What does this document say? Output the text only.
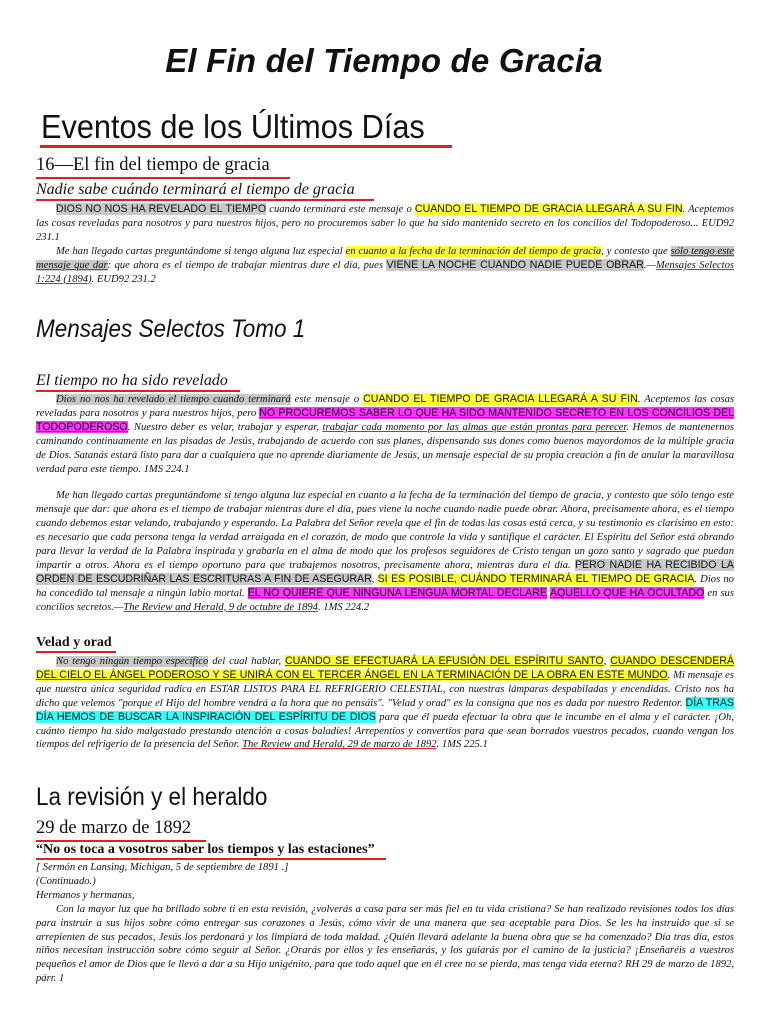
El Fin del Tiempo de Gracia
Eventos de los Últimos Días
16—El fin del tiempo de gracia
Nadie sabe cuándo terminará el tiempo de gracia

DIOS NO NOS HA REVELADO EL TIEMPO cuando terminará este mensaje o CUANDO EL TIEMPO DE GRACIA LLEGARÁ A SU FIN. Aceptemos las cosas reveladas para nosotros y para nuestros hijos, pero no procuremos saber lo que ha sido mantenido secreto en los concilios del Todopoderoso... EUD92 231.1

Me han llegado cartas preguntándome si tengo alguna luz especial en cuanto a la fecha de la terminación del tiempo de gracia, y contesto que sólo tengo este mensaje que dar: que ahora es el tiempo de trabajar mientras dure el día, pues VIENE LA NOCHE CUANDO NADIE PUEDE OBRAR.—Mensajes Selectos 1:224 (1894). EUD92 231.2

Mensajes Selectos Tomo 1
El tiempo no ha sido revelado

Dios no nos ha revelado el tiempo cuando terminará este mensaje o CUANDO EL TIEMPO DE GRACIA LLEGARÁ A SU FIN. Aceptemos las cosas reveladas para nosotros y para nuestros hijos, pero NO PROCUREMOS SABER LO QUE HA SIDO MANTENIDO SECRETO EN LOS CONCILIOS DEL TODOPODEROSO. Nuestro deber es velar, trabajar y esperar, trabajar cada momento por las almas que están prontas para perecer. Hemos de mantenernos caminando continuamente en las pisadas de Jesús, trabajando de acuerdo con sus planes, dispensando sus dones como buenos mayordomos de la múltiple gracia de Dios. Satanás estará listo para dar a cualquiera que no aprende diariamente de Jesús, un mensaje especial de su propia creación a fin de anular la maravillosa verdad para este tiempo. 1MS 224.1

Me han llegado cartas preguntándome si tengo alguna luz especial en cuanto a la fecha de la terminación del tiempo de gracia, y contesto que sólo tengo este mensaje que dar: que ahora es el tiempo de trabajar mientras dure el día, pues viene la noche cuando nadie puede obrar. Ahora, precisamente ahora, es el tiempo cuando debemos estar velando, trabajando y esperando. La Palabra del Señor revela que el fin de todas las cosas está cerca, y su testimonio es clarísimo en esto: es necesario que cada persona tenga la verdad arraigada en el corazón, de modo que controle la vida y santifique el carácter. El Espíritu del Señor está obrando para llevar la verdad de la Palabra inspirada y grabarla en el alma de modo que los profesos seguidores de Cristo tengan un gozo santo y sagrado que puedan impartir a otros. Ahora es el tiempo oportuno para que trabajemos nosotros, precisamente ahora, mientras dura el día. PERO NADIE HA RECIBIDO LA ORDEN DE ESCUDRIÑAR LAS ESCRITURAS A FIN DE ASEGURAR, SI ES POSIBLE, CUÁNDO TERMINARÁ EL TIEMPO DE GRACIA. Dios no ha concedido tal mensaje a ningún labio mortal. EL NO QUIERE QUE NINGUNA LENGUA MORTAL DECLARE AQUELLO QUE HA OCULTADO en sus concilios secretos.—The Review and Herald, 9 de octubre de 1894. 1MS 224.2

Velad y orad

No tengo ningún tiempo específico del cual hablar, CUANDO SE EFECTUARÁ LA EFUSIÓN DEL ESPÍRITU SANTO, CUANDO DESCENDERÁ DEL CIELO EL ÁNGEL PODEROSO Y SE UNIRÁ CON EL TERCER ÁNGEL EN LA TERMINACIÓN DE LA OBRA EN ESTE MUNDO. Mi mensaje es que nuestra única seguridad radica en ESTAR LISTOS PARA EL REFRIGERIO CELESTIAL, con nuestras lámparas despabiladas y encendidas. Cristo nos ha dicho que velemos "porque el Hijo del hombre vendrá a la hora que no pensáis". "Velad y orad" es la consigna que nos es dada por nuestro Redentor. DÍA TRAS DÍA HEMOS DE BUSCAR LA INSPIRACIÓN DEL ESPÍRITU DE DIOS para que él pueda efectuar la obra que le incumbe en el alma y el carácter. ¡Oh, cuánto tiempo ha sido malgastado prestando atención a cosas baladíes! Arrepentíos y convertíos para que sean borrados vuestros pecados, cuando vengan los tiempos del refrigerio de la presencia del Señor. The Review and Herald, 29 de marzo de 1892. 1MS 225.1

La revisión y el heraldo
29 de marzo de 1892
“No os toca a vosotros saber los tiempos y las estaciones”

[ Sermón en Lansing, Michigan, 5 de septiembre de 1891 .]

(Continuado.)

Hermanos y hermanas,

Con la mayor luz que ha brillado sobre ti en esta revisión, ¿volverás a casa para ser más fiel en tu vida cristiana? Se han realizado revisiones todos los días para instruir a sus hijos sobre cómo entregar sus corazones a Jesús, cómo vivir de una manera que sea aceptable para Dios. Se les ha instruido que si se arrepienten de sus pecados, Jesús los perdonará y los limpiará de toda maldad. ¿Quién llevará adelante la buena obra que se ha comenzado? Día tras día, estos niños necesitan instrucción sobre cómo seguir al Señor. ¿Orarás por ellos y les enseñarás, y los guiarás por el camino de la justicia? ¡Enseñaréis a vuestros pequeños el amor de Dios que le llevó a dar a su Hijo unigénito, para que todo aquel que en él cree no se pierda, mas tenga vida eterna? RH 29 de marzo de 1892, párr. 1
